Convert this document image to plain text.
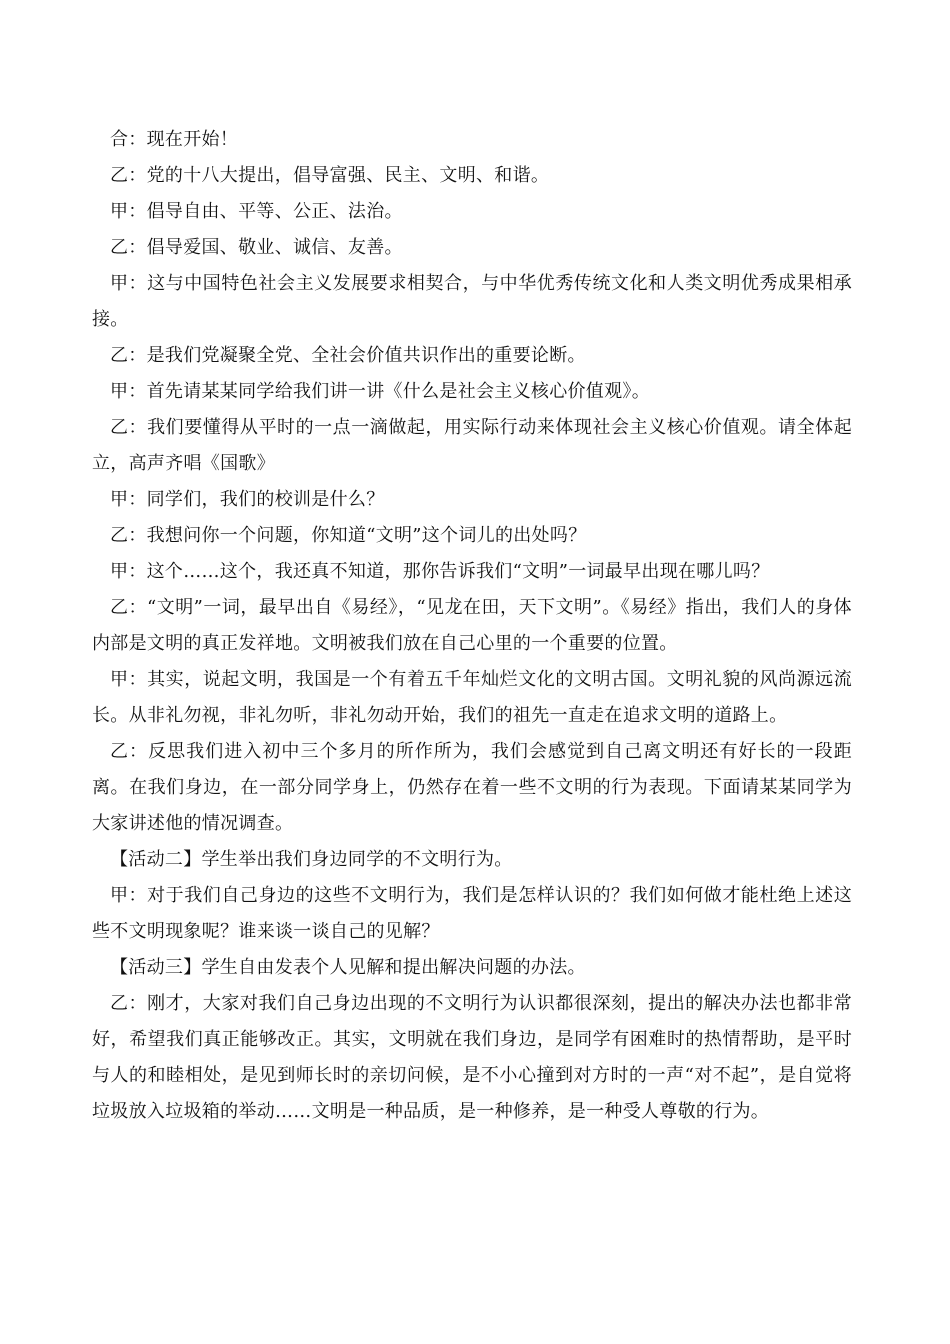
合：现在开始！

乙：党的十八大提出，倡导富强、民主、文明、和谐。

甲：倡导自由、平等、公正、法治。

乙：倡导爱国、敬业、诚信、友善。

甲：这与中国特色社会主义发展要求相契合，与中华优秀传统文化和人类文明优秀成果相承接。

乙：是我们党凝聚全党、全社会价值共识作出的重要论断。

甲：首先请某某同学给我们讲一讲《什么是社会主义核心价值观》。

乙：我们要懂得从平时的一点一滴做起，用实际行动来体现社会主义核心价值观。请全体起立，高声齐唱《国歌》

甲：同学们，我们的校训是什么？

乙：我想问你一个问题，你知道“文明”这个词儿的出处吗？

甲：这个……这个，我还真不知道，那你告诉我们“文明”一词最早出现在哪儿吗？

乙：“文明”一词，最早出自《易经》，“见龙在田，天下文明”。《易经》指出，我们人的身体内部是文明的真正发祥地。文明被我们放在自己心里的一个重要的位置。

甲：其实，说起文明，我国是一个有着五千年灿烂文化的文明古国。文明礼貌的风尚源远流长。从非礼勿视，非礼勿听，非礼勿动开始，我们的祖先一直走在追求文明的道路上。

乙：反思我们进入初中三个多月的所作所为，我们会感觉到自己离文明还有好长的一段距离。在我们身边，在一部分同学身上，仍然存在着一些不文明的行为表现。下面请某某同学为大家讲述他的情况调查。

【活动二】学生举出我们身边同学的不文明行为。

甲：对于我们自己身边的这些不文明行为，我们是怎样认识的？我们如何做才能杜绝上述这些不文明现象呢？谁来谈一谈自己的见解？

【活动三】学生自由发表个人见解和提出解决问题的办法。

乙：刚才，大家对我们自己身边出现的不文明行为认识都很深刻，提出的解决办法也都非常好，希望我们真正能够改正。其实，文明就在我们身边，是同学有困难时的热情帮助，是平时与人的和睦相处，是见到师长时的亲切问候，是不小心撞到对方时的一声“对不起”，是自觉将垃圾放入垃圾箱的举动……文明是一种品质，是一种修养，是一种受人尊敬的行为。
